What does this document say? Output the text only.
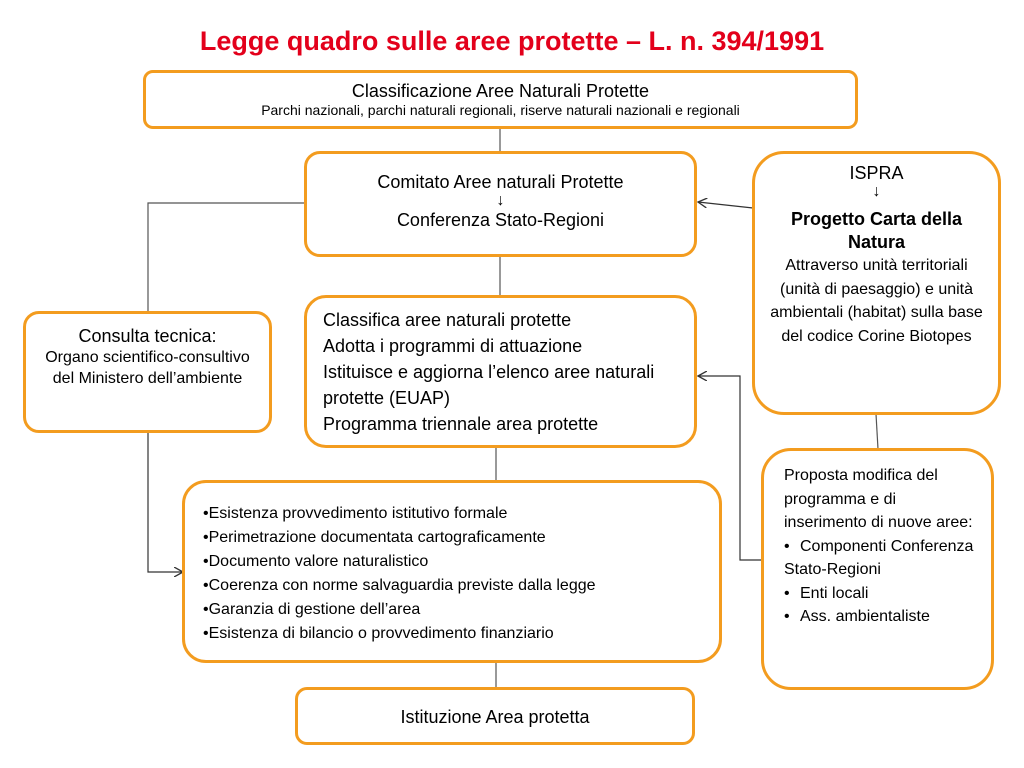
Legge quadro sulle aree protette – L. n. 394/1991
Classificazione Aree Naturali Protette
Parchi nazionali, parchi naturali regionali, riserve naturali nazionali e regionali
Comitato Aree naturali Protette
↓
Conferenza Stato-Regioni
ISPRA
↓
Progetto Carta della Natura
Attraverso unità territoriali (unità di paesaggio) e unità ambientali (habitat) sulla base del codice Corine Biotopes
Consulta tecnica:
Organo scientifico-consultivo del Ministero dell’ambiente
Classifica aree naturali protette
Adotta i programmi di attuazione
Istituisce e aggiorna l’elenco aree naturali protette (EUAP)
Programma triennale area protette
• Esistenza provvedimento istitutivo formale
• Perimetrazione documentata cartograficamente
• Documento valore naturalistico
• Coerenza con norme salvaguardia previste dalla legge
• Garanzia di gestione dell’area
• Esistenza di bilancio o provvedimento finanziario
Proposta modifica del programma e di inserimento di nuove aree:
• Componenti Conferenza Stato-Regioni
• Enti locali
• Ass. ambientaliste
Istituzione Area protetta
